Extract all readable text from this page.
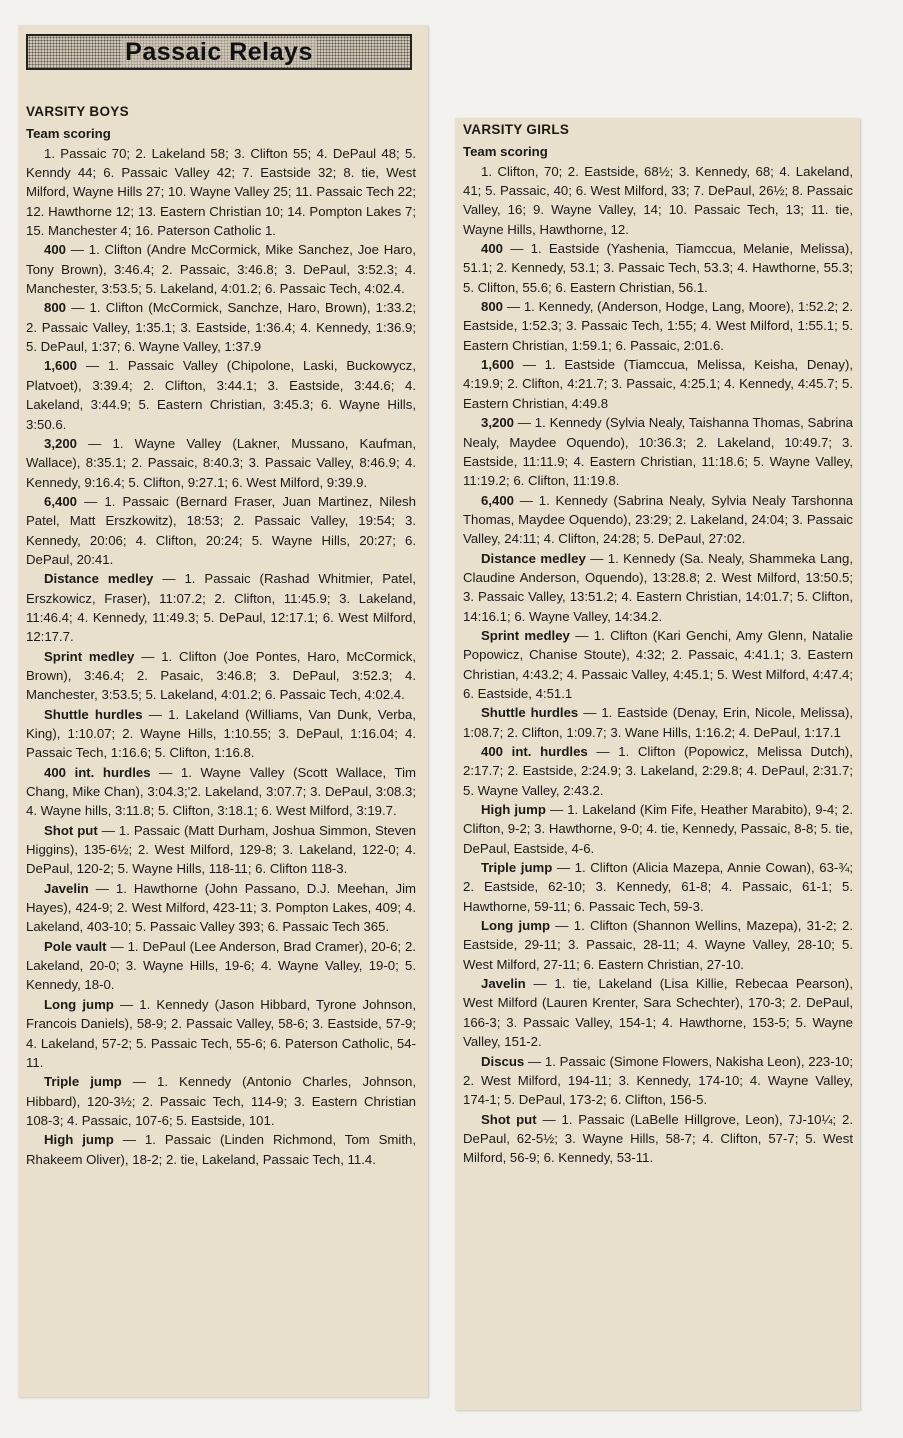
Passaic Relays
VARSITY BOYS
Team scoring

1. Passaic 70; 2. Lakeland 58; 3. Clifton 55; 4. DePaul 48; 5. Kenndy 44; 6. Passaic Valley 42; 7. Eastside 32; 8. tie, West Milford, Wayne Hills 27; 10. Wayne Valley 25; 11. Passaic Tech 22; 12. Hawthorne 12; 13. Eastern Christian 10; 14. Pompton Lakes 7; 15. Manchester 4; 16. Paterson Catholic 1.

400 — 1. Clifton (Andre McCormick, Mike Sanchez, Joe Haro, Tony Brown), 3:46.4; 2. Passaic, 3:46.8; 3. DePaul, 3:52.3; 4. Manchester, 3:53.5; 5. Lakeland, 4:01.2; 6. Passaic Tech, 4:02.4.

800 — 1. Clifton (McCormick, Sanchze, Haro, Brown), 1:33.2; 2. Passaic Valley, 1:35.1; 3. Eastside, 1:36.4; 4. Kennedy, 1:36.9; 5. DePaul, 1:37; 6. Wayne Valley, 1:37.9

1,600 — 1. Passaic Valley (Chipolone, Laski, Buckowycz, Platvoet), 3:39.4; 2. Clifton, 3:44.1; 3. Eastside, 3:44.6; 4. Lakeland, 3:44.9; 5. Eastern Christian, 3:45.3; 6. Wayne Hills, 3:50.6.

3,200 — 1. Wayne Valley (Lakner, Mussano, Kaufman, Wallace), 8:35.1; 2. Passaic, 8:40.3; 3. Passaic Valley, 8:46.9; 4. Kennedy, 9:16.4; 5. Clifton, 9:27.1; 6. West Milford, 9:39.9.

6,400 — 1. Passaic (Bernard Fraser, Juan Martinez, Nilesh Patel, Matt Erszkowitz), 18:53; 2. Passaic Valley, 19:54; 3. Kennedy, 20:06; 4. Clifton, 20:24; 5. Wayne Hills, 20:27; 6. DePaul, 20:41.

Distance medley — 1. Passaic (Rashad Whitmier, Patel, Erszkowicz, Fraser), 11:07.2; 2. Clifton, 11:45.9; 3. Lakeland, 11:46.4; 4. Kennedy, 11:49.3; 5. DePaul, 12:17.1; 6. West Milford, 12:17.7.

Sprint medley — 1. Clifton (Joe Pontes, Haro, McCormick, Brown), 3:46.4; 2. Pasaic, 3:46.8; 3. DePaul, 3:52.3; 4. Manchester, 3:53.5; 5. Lakeland, 4:01.2; 6. Passaic Tech, 4:02.4.

Shuttle hurdles — 1. Lakeland (Williams, Van Dunk, Verba, King), 1:10.07; 2. Wayne Hills, 1:10.55; 3. DePaul, 1:16.04; 4. Passaic Tech, 1:16.6; 5. Clifton, 1:16.8.

400 int. hurdles — 1. Wayne Valley (Scott Wallace, Tim Chang, Mike Chan), 3:04.3;'2. Lakeland, 3:07.7; 3. DePaul, 3:08.3; 4. Wayne hills, 3:11.8; 5. Clifton, 3:18.1; 6. West Milford, 3:19.7.

Shot put — 1. Passaic (Matt Durham, Joshua Simmon, Steven Higgins), 135-6½; 2. West Milford, 129-8; 3. Lakeland, 122-0; 4. DePaul, 120-2; 5. Wayne Hills, 118-11; 6. Clifton 118-3.

Javelin — 1. Hawthorne (John Passano, D.J. Meehan, Jim Hayes), 424-9; 2. West Milford, 423-11; 3. Pompton Lakes, 409; 4. Lakeland, 403-10; 5. Passaic Valley 393; 6. Passaic Tech 365.

Pole vault — 1. DePaul (Lee Anderson, Brad Cramer), 20-6; 2. Lakeland, 20-0; 3. Wayne Hills, 19-6; 4. Wayne Valley, 19-0; 5. Kennedy, 18-0.

Long jump — 1. Kennedy (Jason Hibbard, Tyrone Johnson, Francois Daniels), 58-9; 2. Passaic Valley, 58-6; 3. Eastside, 57-9; 4. Lakeland, 57-2; 5. Passaic Tech, 55-6; 6. Paterson Catholic, 54-11.

Triple jump — 1. Kennedy (Antonio Charles, Johnson, Hibbard), 120-3½; 2. Passaic Tech, 114-9; 3. Eastern Christian 108-3; 4. Passaic, 107-6; 5. Eastside, 101.

High jump — 1. Passaic (Linden Richmond, Tom Smith, Rhakeem Oliver), 18-2; 2. tie, Lakeland, Passaic Tech, 11.4.

VARSITY GIRLS
Team scoring

1. Clifton, 70; 2. Eastside, 68½; 3. Kennedy, 68; 4. Lakeland, 41; 5. Passaic, 40; 6. West Milford, 33; 7. DePaul, 26½; 8. Passaic Valley, 16; 9. Wayne Valley, 14; 10. Passaic Tech, 13; 11. tie, Wayne Hills, Hawthorne, 12.

400 — 1. Eastside (Yashenia, Tiamccua, Melanie, Melissa), 51.1; 2. Kennedy, 53.1; 3. Passaic Tech, 53.3; 4. Hawthorne, 55.3; 5. Clifton, 55.6; 6. Eastern Christian, 56.1.

800 — 1. Kennedy, (Anderson, Hodge, Lang, Moore), 1:52.2; 2. Eastside, 1:52.3; 3. Passaic Tech, 1:55; 4. West Milford, 1:55.1; 5. Eastern Christian, 1:59.1; 6. Passaic, 2:01.6.

1,600 — 1. Eastside (Tiamccua, Melissa, Keisha, Denay), 4:19.9; 2. Clifton, 4:21.7; 3. Passaic, 4:25.1; 4. Kennedy, 4:45.7; 5. Eastern Christian, 4:49.8

3,200 — 1. Kennedy (Sylvia Nealy, Taishanna Thomas, Sabrina Nealy, Maydee Oquendo), 10:36.3; 2. Lakeland, 10:49.7; 3. Eastside, 11:11.9; 4. Eastern Christian, 11:18.6; 5. Wayne Valley, 11:19.2; 6. Clifton, 11:19.8.

6,400 — 1. Kennedy (Sabrina Nealy, Sylvia Nealy Tarshonna Thomas, Maydee Oquendo), 23:29; 2. Lakeland, 24:04; 3. Passaic Valley, 24:11; 4. Clifton, 24:28; 5. DePaul, 27:02.

Distance medley — 1. Kennedy (Sa. Nealy, Shammeka Lang, Claudine Anderson, Oquendo), 13:28.8; 2. West Milford, 13:50.5; 3. Passaic Valley, 13:51.2; 4. Eastern Christian, 14:01.7; 5. Clifton, 14:16.1; 6. Wayne Valley, 14:34.2.

Sprint medley — 1. Clifton (Kari Genchi, Amy Glenn, Natalie Popowicz, Chanise Stoute), 4:32; 2. Passaic, 4:41.1; 3. Eastern Christian, 4:43.2; 4. Passaic Valley, 4:45.1; 5. West Milford, 4:47.4; 6. Eastside, 4:51.1

Shuttle hurdles — 1. Eastside (Denay, Erin, Nicole, Melissa), 1:08.7; 2. Clifton, 1:09.7; 3. Wane Hills, 1:16.2; 4. DePaul, 1:17.1

400 int. hurdles — 1. Clifton (Popowicz, Melissa Dutch), 2:17.7; 2. Eastside, 2:24.9; 3. Lakeland, 2:29.8; 4. DePaul, 2:31.7; 5. Wayne Valley, 2:43.2.

High jump — 1. Lakeland (Kim Fife, Heather Marabito), 9-4; 2. Clifton, 9-2; 3. Hawthorne, 9-0; 4. tie, Kennedy, Passaic, 8-8; 5. tie, DePaul, Eastside, 4-6.

Triple jump — 1. Clifton (Alicia Mazepa, Annie Cowan), 63-¾; 2. Eastside, 62-10; 3. Kennedy, 61-8; 4. Passaic, 61-1; 5. Hawthorne, 59-11; 6. Passaic Tech, 59-3.

Long jump — 1. Clifton (Shannon Wellins, Mazepa), 31-2; 2. Eastside, 29-11; 3. Passaic, 28-11; 4. Wayne Valley, 28-10; 5. West Milford, 27-11; 6. Eastern Christian, 27-10.

Javelin — 1. tie, Lakeland (Lisa Killie, Rebecaa Pearson), West Milford (Lauren Krenter, Sara Schechter), 170-3; 2. DePaul, 166-3; 3. Passaic Valley, 154-1; 4. Hawthorne, 153-5; 5. Wayne Valley, 151-2.

Discus — 1. Passaic (Simone Flowers, Nakisha Leon), 223-10; 2. West Milford, 194-11; 3. Kennedy, 174-10; 4. Wayne Valley, 174-1; 5. DePaul, 173-2; 6. Clifton, 156-5.

Shot put — 1. Passaic (LaBelle Hillgrove, Leon), 7J-10¼; 2. DePaul, 62-5½; 3. Wayne Hills, 58-7; 4. Clifton, 57-7; 5. West Milford, 56-9; 6. Kennedy, 53-11.
